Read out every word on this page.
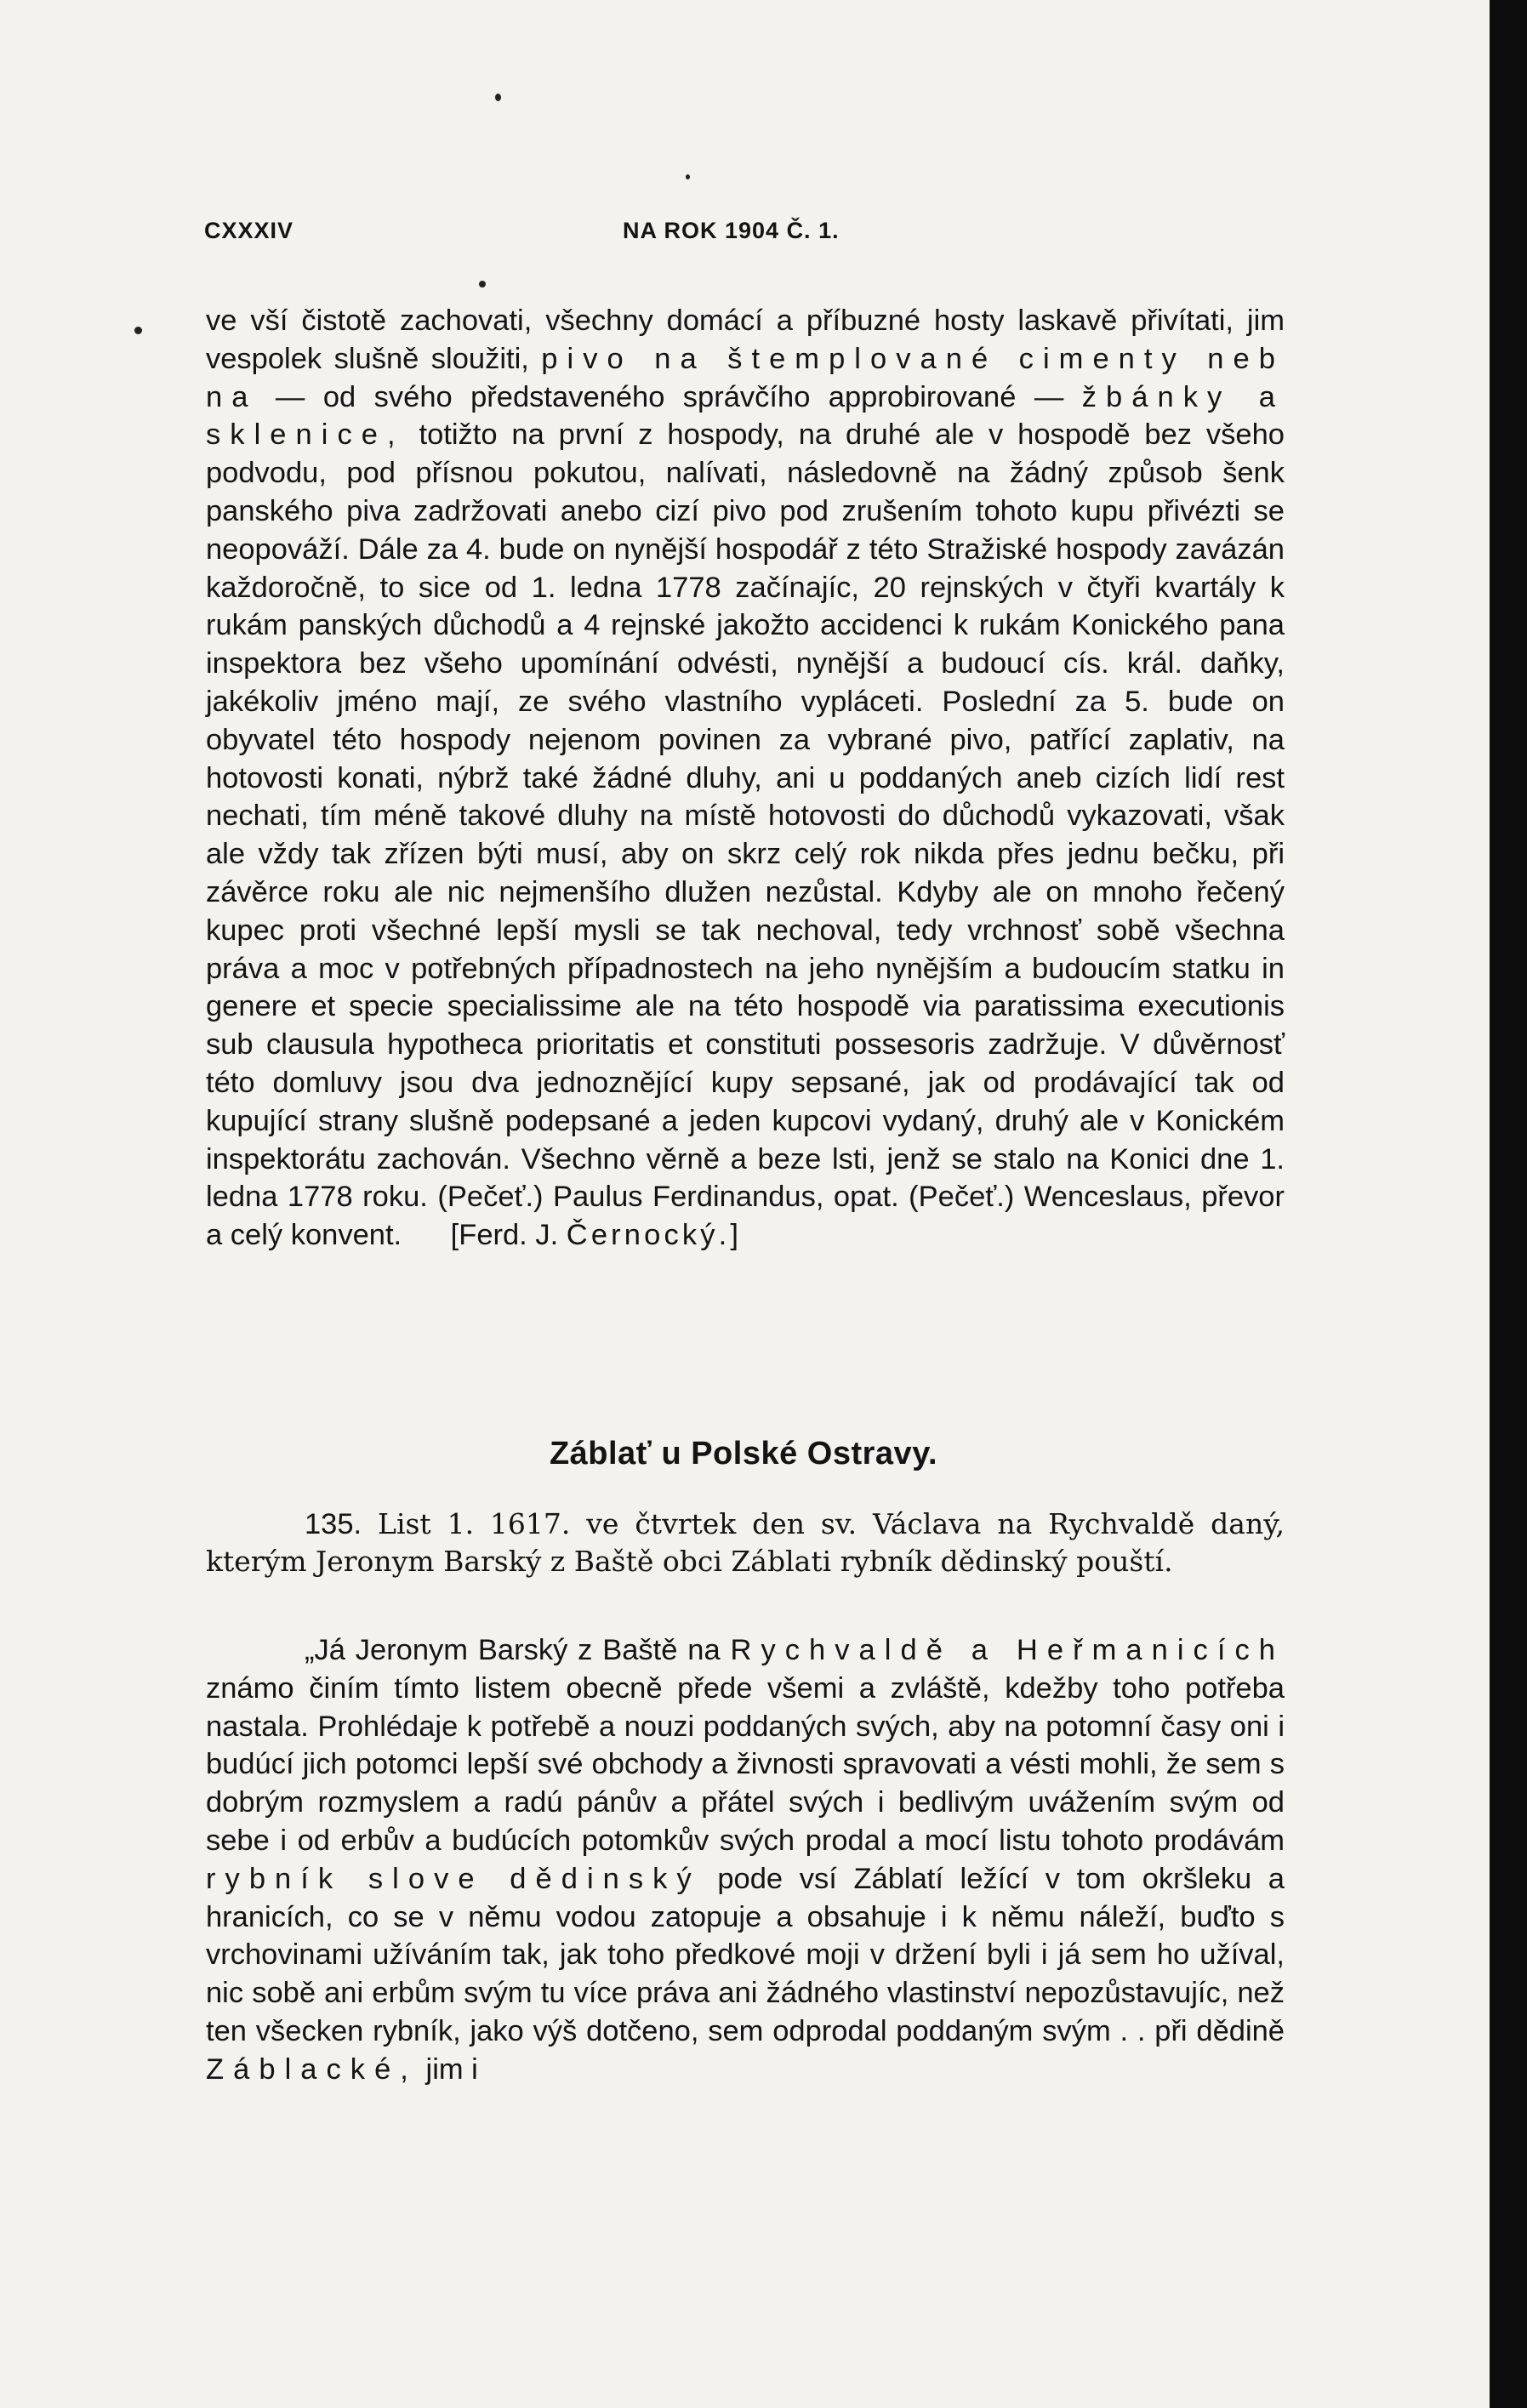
CXXXIV	NA ROK 1904 Č. 1.

ve vší čistotě zachovati, všechny domácí a příbuzné hosty laskavě přivítati, jim vespolek slušně sloužiti, pivo na štemplované cimenty neb na — od svého představeného správčího approbirované — žbánky a sklenice, totižto na první z hospody, na druhé ale v hospodě bez všeho podvodu, pod přísnou pokutou, nalívati, následovně na žádný způsob šenk panského piva zadržovati anebo cizí pivo pod zrušením tohoto kupu přivézti se neopováží. Dále za 4. bude on nynější hospodář z této Stražiské hospody zavázán každoročně, to sice od 1. ledna 1778 začínajíc, 20 rejnských v čtyři kvartály k rukám panských důchodů a 4 rejnské jakožto accidenci k rukám Konického pana inspektora bez všeho upomínání odvésti, nynější a budoucí cís. král. daňky, jakékoliv jméno mají, ze svého vlastního vypláceti. Poslední za 5. bude on obyvatel této hospody nejenom povinen za vybrané pivo, patřící zaplativ, na hotovosti konati, nýbrž také žádné dluhy, ani u poddaných aneb cizích lidí rest nechati, tím méně takové dluhy na místě hotovosti do důchodů vykazovati, však ale vždy tak zřízen býti musí, aby on skrz celý rok nikda přes jednu bečku, při závěrce roku ale nic nejmenšího dlužen nezůstal. Kdyby ale on mnoho řečený kupec proti všechné lepší mysli se tak nechoval, tedy vrchnosť sobě všechna práva a moc v potřebných případnostech na jeho nynějším a budoucím statku in genere et specie specialissime ale na této hospodě via paratissima executionis sub clausula hypotheca prioritatis et constituti possesoris zadržuje. V důvěrnosť této domluvy jsou dva jednoznějící kupy sepsané, jak od prodávající tak od kupující strany slušně podepsané a jeden kupcovi vydaný, druhý ale v Konickém inspektorátu zachován. Všechno věrně a beze lsti, jenž se stalo na Konici dne 1. ledna 1778 roku. (Pečeť.) Paulus Ferdinandus, opat. (Pečeť.) Wenceslaus, převor a celý konvent. [Ferd. J. Černocký.]

Záblať u Polské Ostravy.

135. List 1. 1617. ve čtvrtek den sv. Václava na Rychvaldě daný, kterým Jeronym Barský z Baště obci Záblati rybník dědinský pouští.

„Já Jeronym Barský z Baště na Rychvaldě a Heřmanicích známo činím tímto listem obecně přede všemi a zvláště, kdežby toho potřeba nastala. Prohlédaje k potřebě a nouzi poddaných svých, aby na potomní časy oni i budúcí jich potomci lepší své obchody a živnosti spravovati a vésti mohli, že sem s dobrým rozmyslem a radú pánův a přátel svých i bedlivým uvážením svým od sebe i od erbův a budúcích potomkův svých prodal a mocí listu tohoto prodávám rybník slove dědinský pode vsí Záblatí ležící v tom okršleku a hranicích, co se v němu vodou zatopuje a obsahuje i k němu náleží, buďto s vrchovinami užíváním tak, jak toho předkové moji v držení byli i já sem ho užíval, nic sobě ani erbům svým tu více práva ani žádného vlastinství nepozůstavujíc, než ten všecken rybník, jako výš dotčeno, sem odprodal poddaným svým . . při dědině Záblacké, jim i
